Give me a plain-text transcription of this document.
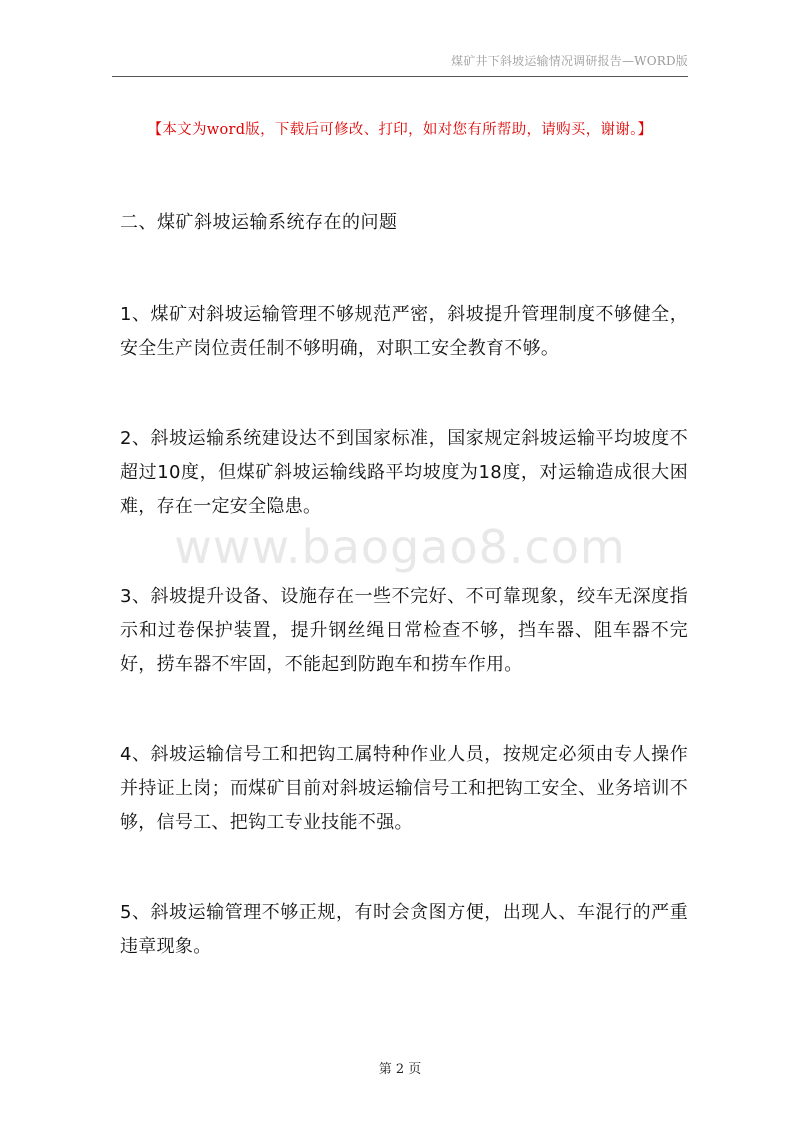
煤矿井下斜坡运输情况调研报告—WORD版
【本文为word版，下载后可修改、打印，如对您有所帮助，请购买，谢谢。】
二、煤矿斜坡运输系统存在的问题

1、煤矿对斜坡运输管理不够规范严密，斜坡提升管理制度不够健全，安全生产岗位责任制不够明确，对职工安全教育不够。

2、斜坡运输系统建设达不到国家标准，国家规定斜坡运输平均坡度不超过10度，但煤矿斜坡运输线路平均坡度为18度，对运输造成很大困难，存在一定安全隐患。

3、斜坡提升设备、设施存在一些不完好、不可靠现象，绞车无深度指示和过卷保护装置，提升钢丝绳日常检查不够，挡车器、阻车器不完好，捞车器不牢固，不能起到防跑车和捞车作用。

4、斜坡运输信号工和把钩工属特种作业人员，按规定必须由专人操作并持证上岗；而煤矿目前对斜坡运输信号工和把钩工安全、业务培训不够，信号工、把钩工专业技能不强。

5、斜坡运输管理不够正规，有时会贪图方便，出现人、车混行的严重违章现象。

www.baogao8.com
第 2 页
